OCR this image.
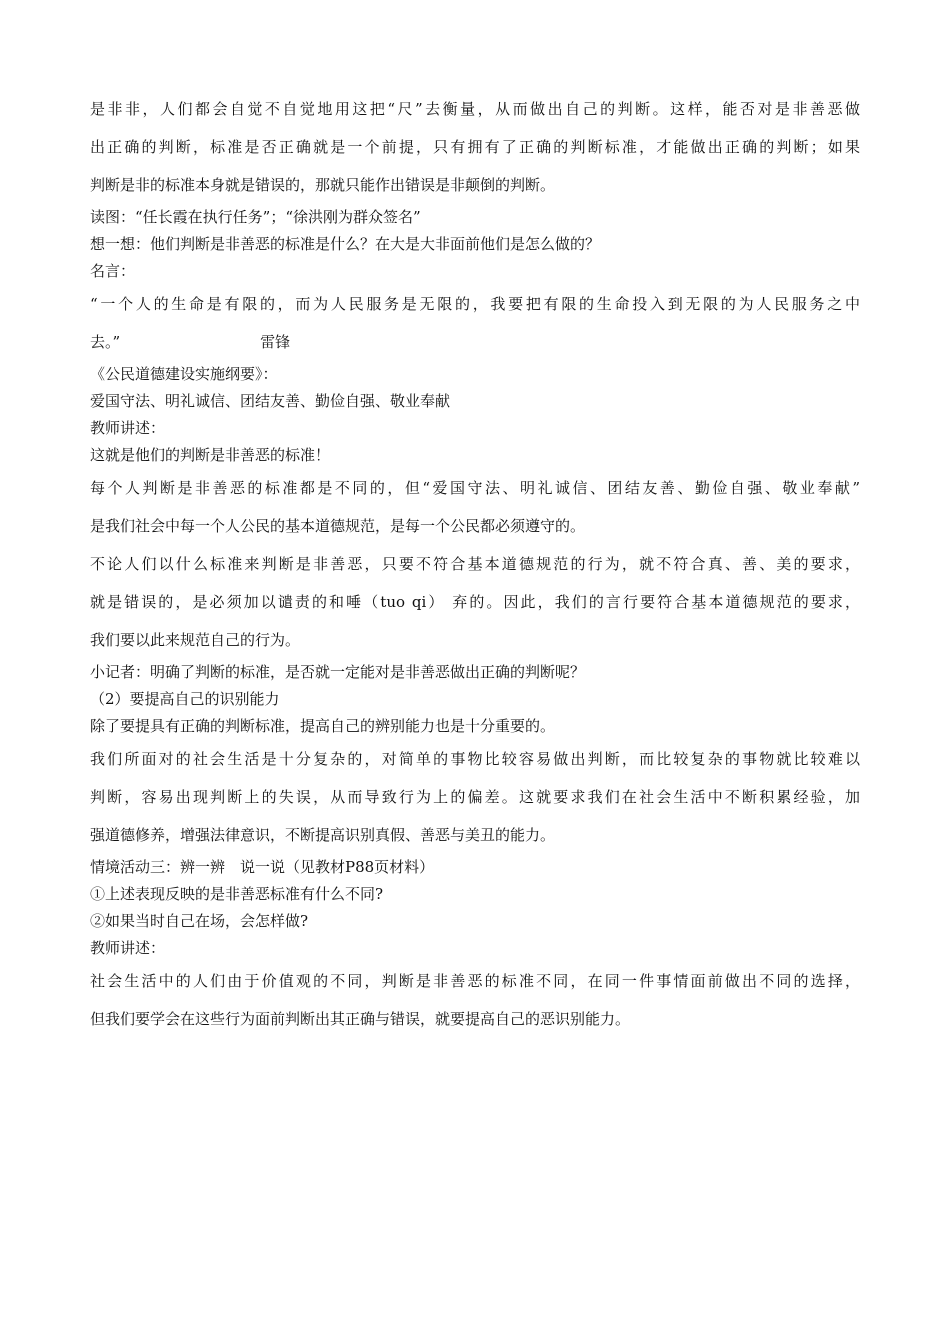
是非非，人们都会自觉不自觉地用这把“尺”去衡量，从而做出自己的判断。这样，能否对是非善恶做

出正确的判断，标准是否正确就是一个前提，只有拥有了正确的判断标准，才能做出正确的判断；如果

判断是非的标准本身就是错误的，那就只能作出错误是非颠倒的判断。

读图：“任长霞在执行任务”；“徐洪刚为群众签名”

想一想：他们判断是非善恶的标准是什么？在大是大非面前他们是怎么做的？

名言：

“一个人的生命是有限的，而为人民服务是无限的，我要把有限的生命投入到无限的为人民服务之中

去。”	雷锋

《公民道德建设实施纲要》：

爱国守法、明礼诚信、团结友善、勤俭自强、敬业奉献

教师讲述：

这就是他们的判断是非善恶的标准！

每个人判断是非善恶的标准都是不同的，但“爱国守法、明礼诚信、团结友善、勤俭自强、敬业奉献”

是我们社会中每一个人公民的基本道德规范，是每一个公民都必须遵守的。

不论人们以什么标准来判断是非善恶，只要不符合基本道德规范的行为，就不符合真、善、美的要求，

就是错误的，是必须加以谴责的和唾（tuo qi） 弃的。因此，我们的言行要符合基本道德规范的要求，

我们要以此来规范自己的行为。

小记者：明确了判断的标准，是否就一定能对是非善恶做出正确的判断呢？

（2）要提高自己的识别能力

除了要提具有正确的判断标准，提高自己的辨别能力也是十分重要的。

我们所面对的社会生活是十分复杂的，对简单的事物比较容易做出判断，而比较复杂的事物就比较难以

判断，容易出现判断上的失误，从而导致行为上的偏差。这就要求我们在社会生活中不断积累经验，加

强道德修养，增强法律意识，不断提高识别真假、善恶与美丑的能力。

情境活动三：辨一辨　说一说（见教材P88页材料）

①上述表现反映的是非善恶标准有什么不同?

②如果当时自己在场，会怎样做?

教师讲述：

社会生活中的人们由于价值观的不同，判断是非善恶的标准不同，在同一件事情面前做出不同的选择，

但我们要学会在这些行为面前判断出其正确与错误，就要提高自己的恶识别能力。
